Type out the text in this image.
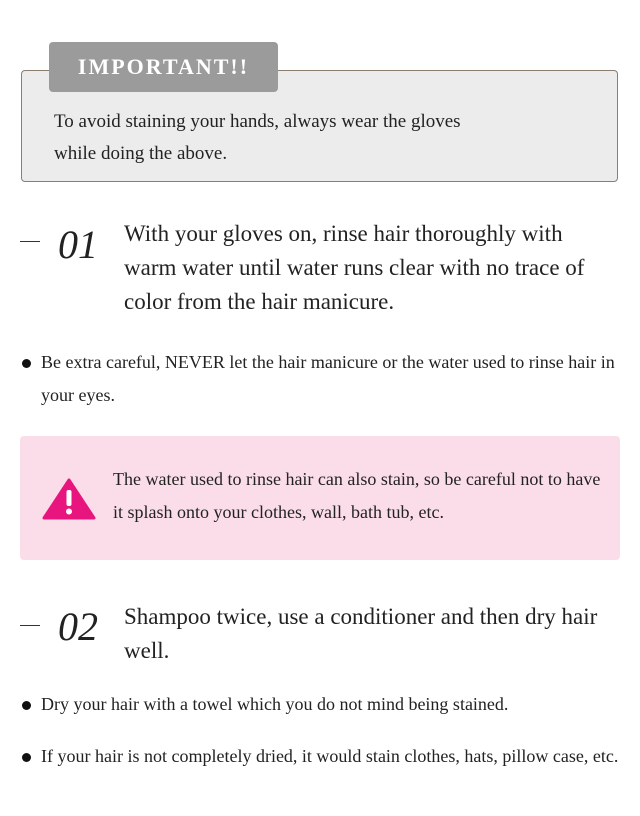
IMPORTANT!!
To avoid staining your hands, always wear the gloves
while doing the above.
01 With your gloves on, rinse hair thoroughly with warm water until water runs clear with no trace of color from the hair manicure.
Be extra careful, NEVER let the hair manicure or the water used to rinse hair in your eyes.
The water used to rinse hair can also stain, so be careful not to have it splash onto your clothes, wall, bath tub, etc.
02 Shampoo twice, use a conditioner and then dry hair well.
Dry your hair with a towel which you do not mind being stained.
If your hair is not completely dried, it would stain clothes, hats, pillow case, etc.
